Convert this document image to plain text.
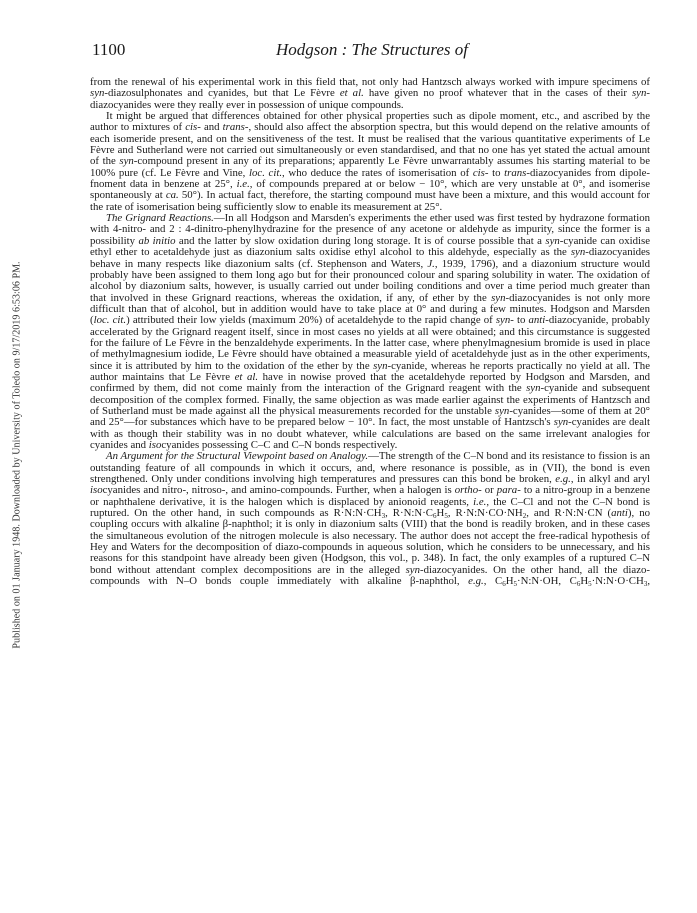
1100	Hodgson : The Structures of
Published on 01 January 1948. Downloaded by University of Toledo on 9/17/2019 6:53:06 PM.

from the renewal of his experimental work in this field that, not only had Hantzsch always worked with impure specimens of syn-diazosulphonates and cyanides, but that Le Fèvre et al. have given no proof whatever that in the cases of their syn-diazocyanides were they really ever in possession of unique compounds.

It might be argued that differences obtained for other physical properties such as dipole moment, etc., and ascribed by the author to mixtures of cis- and trans-, should also affect the absorption spectra, but this would depend on the relative amounts of each isomeride present, and on the sensitiveness of the test. It must be realised that the various quantitative experiments of Le Fèvre and Sutherland were not carried out simultaneously or even standardised, and that no one has yet stated the actual amount of the syn-compound present in any of its preparations; apparently Le Fèvre unwarrantably assumes his starting material to be 100% pure (cf. Le Fèvre and Vine, loc. cit., who deduce the rates of isomerisation of cis- to trans-diazocyanides from dipole-fnoment data in benzene at 25°, i.e., of compounds prepared at or below − 10°, which are very unstable at 0°, and isomerise spontaneously at ca. 50°). In actual fact, therefore, the starting compound must have been a mixture, and this would account for the rate of isomerisation being sufficiently slow to enable its measurement at 25°.

The Grignard Reactions.—In all Hodgson and Marsden's experiments the ether used was first tested by hydrazone formation with 4-nitro- and 2 : 4-dinitro-phenylhydrazine for the presence of any acetone or aldehyde as impurity, since the former is a possibility ab initio and the latter by slow oxidation during long storage. It is of course possible that a syn-cyanide can oxidise ethyl ether to acetaldehyde just as diazonium salts oxidise ethyl alcohol to this aldehyde, especially as the syn-diazocyanides behave in many respects like diazonium salts (cf. Stephenson and Waters, J., 1939, 1796), and a diazonium structure would probably have been assigned to them long ago but for their pronounced colour and sparing solubility in water. The oxidation of alcohol by diazonium salts, however, is usually carried out under boiling conditions and over a time period much greater than that involved in these Grignard reactions, whereas the oxidation, if any, of ether by the syn-diazocyanides is not only more difficult than that of alcohol, but in addition would have to take place at 0° and during a few minutes. Hodgson and Marsden (loc. cit.) attributed their low yields (maximum 20%) of acetaldehyde to the rapid change of syn- to anti-diazocyanide, probably accelerated by the Grignard reagent itself, since in most cases no yields at all were obtained; and this circumstance is suggested for the failure of Le Fèvre in the benzaldehyde experiments. In the latter case, where phenylmagnesium bromide is used in place of methylmagnesium iodide, Le Fèvre should have obtained a measurable yield of acetaldehyde just as in the other experiments, since it is attributed by him to the oxidation of the ether by the syn-cyanide, whereas he reports practically no yield at all. The author maintains that Le Fèvre et al. have in nowise proved that the acetaldehyde reported by Hodgson and Marsden, and confirmed by them, did not come mainly from the interaction of the Grignard reagent with the syn-cyanide and subsequent decomposition of the complex formed. Finally, the same objection as was made earlier against the experiments of Hantzsch and of Sutherland must be made against all the physical measurements recorded for the unstable syn-cyanides—some of them at 20° and 25°—for substances which have to be prepared below − 10°. In fact, the most unstable of Hantzsch's syn-cyanides are dealt with as though their stability was in no doubt whatever, while calculations are based on the same irrelevant analogies for cyanides and isocyanides possessing C–C and C–N bonds respectively.

An Argument for the Structural Viewpoint based on Analogy.—The strength of the C–N bond and its resistance to fission is an outstanding feature of all compounds in which it occurs, and, where resonance is possible, as in (VII), the bond is even strengthened. Only under conditions involving high temperatures and pressures can this bond be broken, e.g., in alkyl and aryl isocyanides and nitro-, nitroso-, and amino-compounds. Further, when a halogen is ortho- or para- to a nitro-group in a benzene or naphthalene derivative, it is the halogen which is displaced by anionoid reagents, i.e., the C–Cl and not the C–N bond is ruptured. On the other hand, in such compounds as $R\cdot N:N\cdot CH_3$, $R\cdot N:N\cdot C_6H_5$, $R\cdot N:N\cdot CO\cdot NH_2$, and R·N:N·CN (anti), no coupling occurs with alkaline β-naphthol; it is only in diazonium salts (VIII) that the bond is readily broken, and in these cases the simultaneous evolution of the nitrogen molecule is also necessary. The author does not accept the free-radical hypothesis of Hey and Waters for the decomposition of diazo-compounds in aqueous solution, which he considers to be unnecessary, and his reasons for this standpoint have already been given (Hodgson, this vol., p. 348). In fact, the only examples of a ruptured C–N bond without attendant complex decompositions are in the alleged syn-diazocyanides. On the other hand, all the diazo-compounds with N–O bonds couple immediately with alkaline β-naphthol, e.g., $C_6H_5\cdot N:N\cdot OH$, $C_6H_5\cdot N:N\cdot O\cdot CH_3$,
